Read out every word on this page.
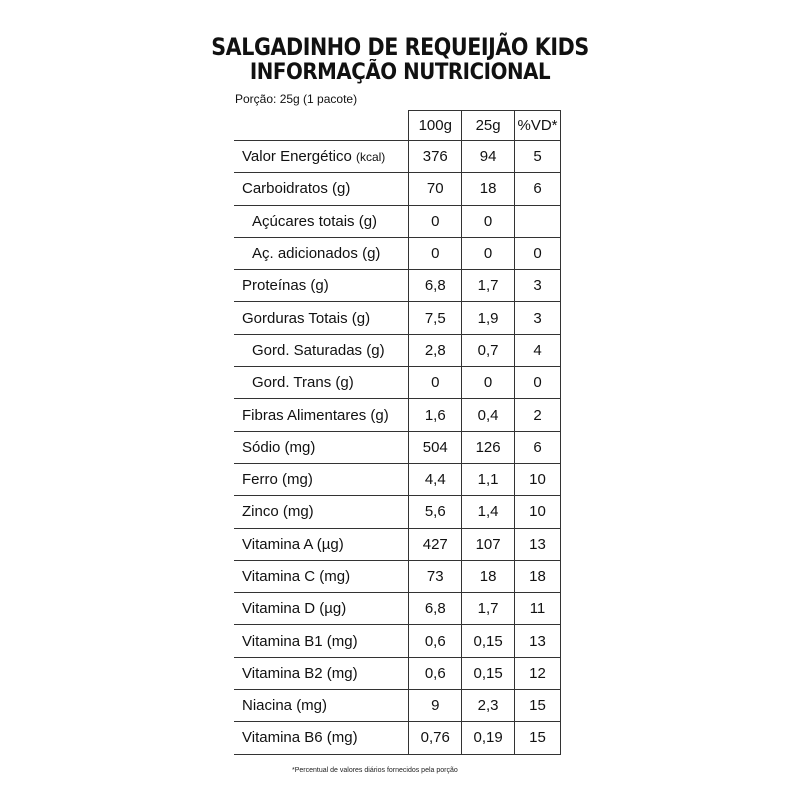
SALGADINHO DE REQUEIJÃO KIDS
INFORMAÇÃO NUTRICIONAL
Porção: 25g (1 pacote)
	100g	25g	%VD*
Valor Energético (kcal)	376	94	5
Carboidratos (g)	70	18	6
Açúcares totais (g)	0	0	
Aç. adicionados (g)	0	0	0
Proteínas (g)	6,8	1,7	3
Gorduras Totais (g)	7,5	1,9	3
Gord. Saturadas (g)	2,8	0,7	4
Gord. Trans (g)	0	0	0
Fibras Alimentares (g)	1,6	0,4	2
Sódio (mg)	504	126	6
Ferro (mg)	4,4	1,1	10
Zinco (mg)	5,6	1,4	10
Vitamina A (µg)	427	107	13
Vitamina C (mg)	73	18	18
Vitamina D (µg)	6,8	1,7	11
Vitamina B1 (mg)	0,6	0,15	13
Vitamina B2 (mg)	0,6	0,15	12
Niacina (mg)	9	2,3	15
Vitamina B6 (mg)	0,76	0,19	15
*Percentual de valores diários fornecidos pela porção
